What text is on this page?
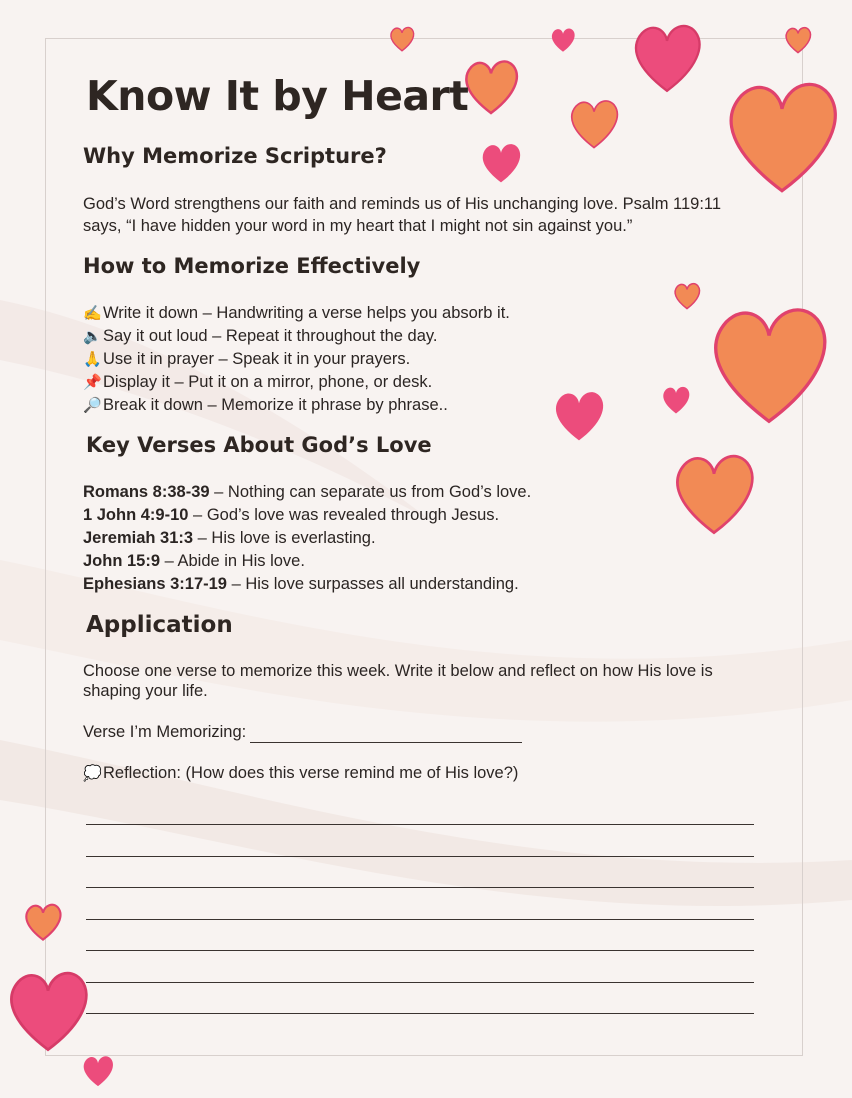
Know It by Heart
Why Memorize Scripture?

God’s Word strengthens our faith and reminds us of His unchanging love. Psalm 119:11 says, “I have hidden your word in my heart that I might not sin against you.”

How to Memorize Effectively
✍️Write it down – Handwriting a verse helps you absorb it.
🔈Say it out loud – Repeat it throughout the day.
🙏Use it in prayer – Speak it in your prayers.
📌Display it – Put it on a mirror, phone, or desk.
🔎Break it down – Memorize it phrase by phrase..
Key Verses About God’s Love
Romans 8:38-39 – Nothing can separate us from God’s love.
1 John 4:9-10 – God’s love was revealed through Jesus.
Jeremiah 31:3 – His love is everlasting.
John 15:9 – Abide in His love.
Ephesians 3:17-19 – His love surpasses all understanding.
Application

Choose one verse to memorize this week. Write it below and reflect on how His love is shaping your life.

Verse I’m Memorizing:
💭Reflection: (How does this verse remind me of His love?)
